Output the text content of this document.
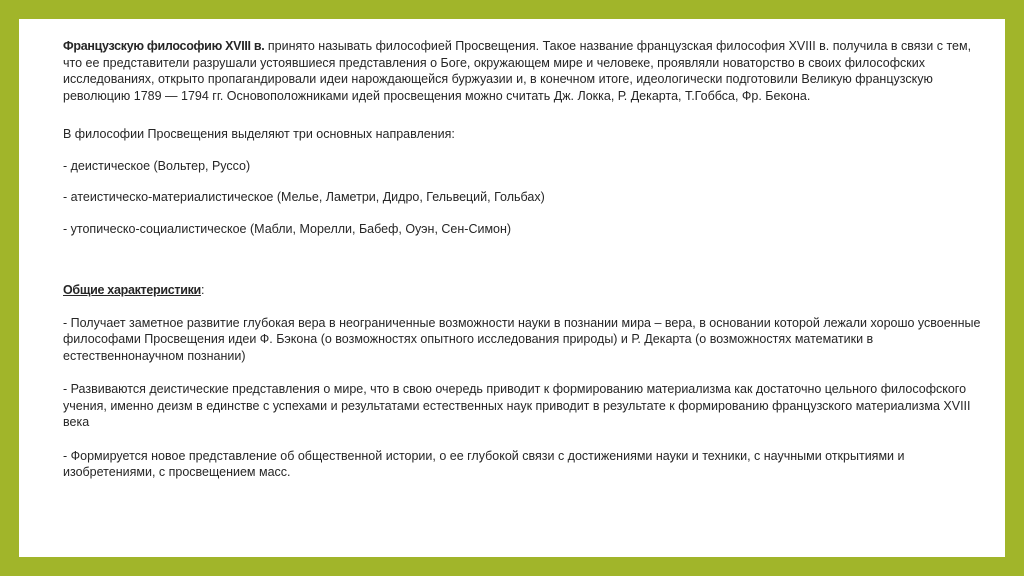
Французскую философию XVIII в. принято называть философией Просвещения. Такое название французская философия XVIII в. получила в связи с тем, что ее представители разрушали устоявшиеся представления о Боге, окружающем мире и человеке, проявляли новаторство в своих философских исследованиях, открыто пропагандировали идеи нарождающейся буржуазии и, в конечном итоге, идеологически подготовили Великую французскую революцию 1789 — 1794 гг. Основоположниками идей просвещения можно считать Дж. Локка, Р. Декарта, Т.Гоббса, Фр. Бекона.

В философии Просвещения выделяют три основных направления:

- деистическое (Вольтер, Руссо)

- атеистическо-материалистическое (Мелье, Ламетри, Дидро, Гельвеций, Гольбах)

- утопическо-социалистическое (Мабли, Морелли, Бабеф, Оуэн, Сен-Симон)

Общие характеристики:

- Получает заметное развитие глубокая вера в неограниченные возможности науки в познании мира – вера, в основании которой лежали хорошо усвоенные философами Просвещения идеи Ф. Бэкона (о возможностях опытного исследования природы) и Р. Декарта (о возможностях математики в естественнонаучном познании)

- Развиваются деистические представления о мире, что в свою очередь приводит к формированию материализма как достаточно цельного философского учения, именно деизм в единстве с успехами и результатами естественных наук приводит в результате к формированию французского материализма XVIII века

- Формируется новое представление об общественной истории, о ее глубокой связи с достижениями науки и техники, с научными открытиями и изобретениями, с просвещением масс.
